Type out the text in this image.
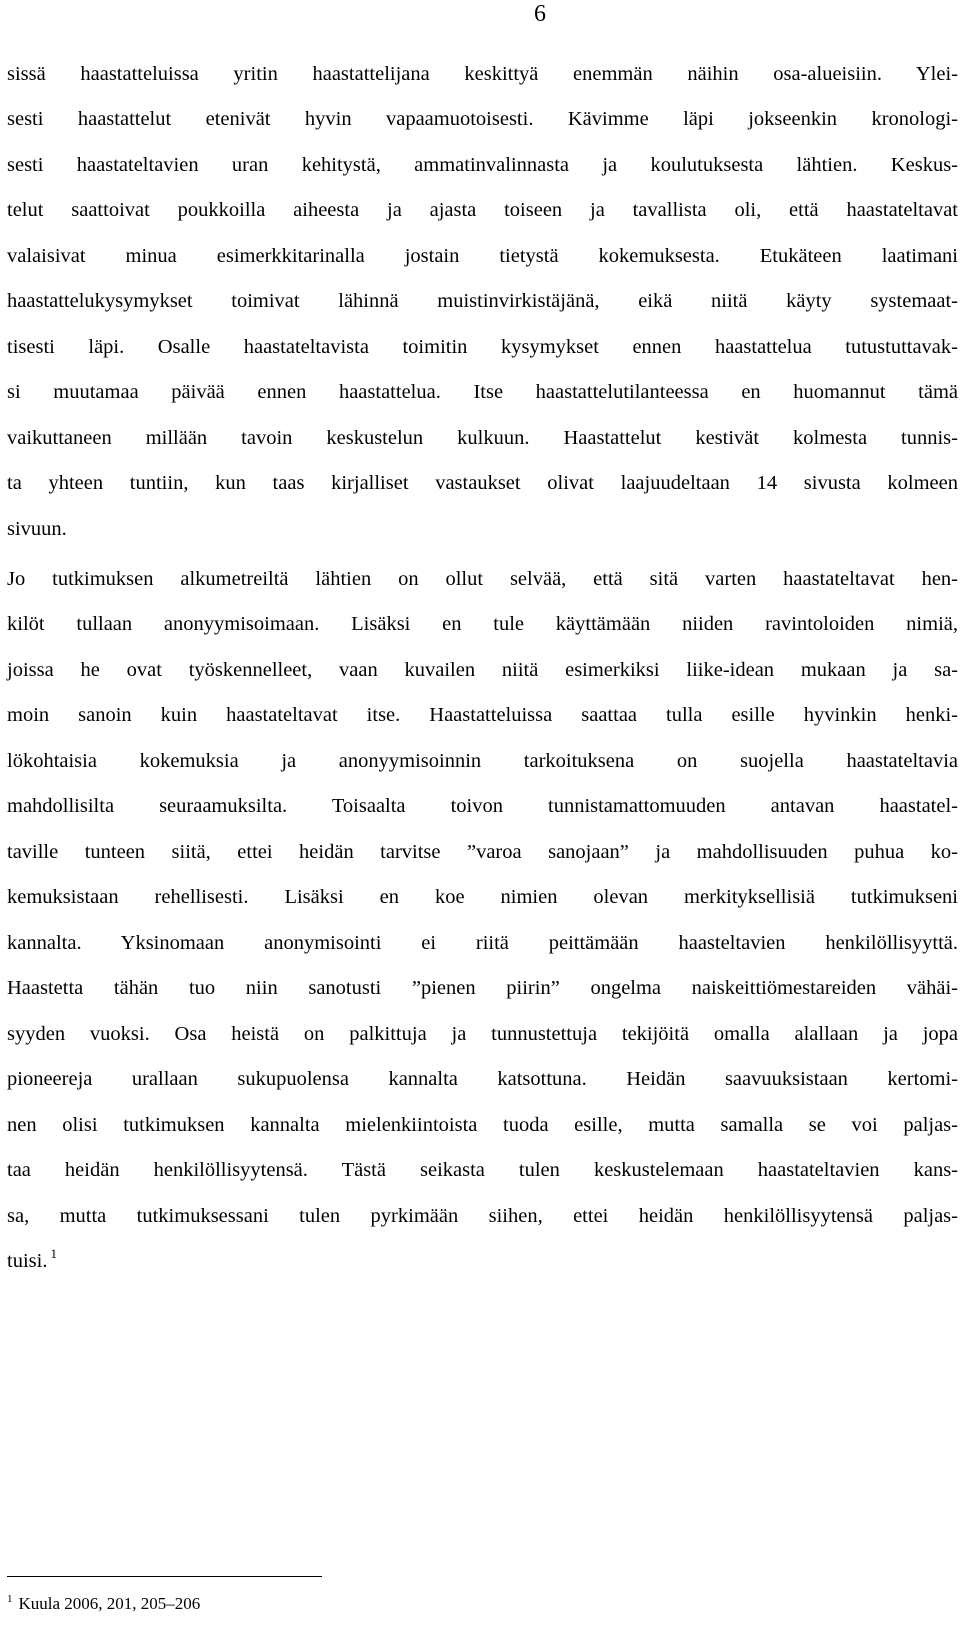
6
sissä haastatteluissa yritin haastattelijana keskittyä enemmän näihin osa-alueisiin. Ylei-
sesti haastattelut etenivät hyvin vapaamuotoisesti. Kävimme läpi jokseenkin kronologi-
sesti haastateltavien uran kehitystä, ammatinvalinnasta ja koulutuksesta lähtien. Keskus-
telut saattoivat poukkoilla aiheesta ja ajasta toiseen ja tavallista oli, että haastateltavat
valaisivat minua esimerkkitarinalla jostain tietystä kokemuksesta. Etukäteen laatimani
haastattelukysymykset toimivat lähinnä muistinvirkistäjänä, eikä niitä käyty systemaat-
tisesti läpi. Osalle haastateltavista toimitin kysymykset ennen haastattelua tutustuttavak-
si muutamaa päivää ennen haastattelua. Itse haastattelutilanteessa en huomannut tämä
vaikuttaneen millään tavoin keskustelun kulkuun. Haastattelut kestivät kolmesta tunnis-
ta yhteen tuntiin, kun taas kirjalliset vastaukset olivat laajuudeltaan 14 sivusta kolmeen
sivuun.
Jo tutkimuksen alkumetreiltä lähtien on ollut selvää, että sitä varten haastateltavat hen-
kilöt tullaan anonyymisoimaan. Lisäksi en tule käyttämään niiden ravintoloiden nimiä,
joissa he ovat työskennelleet, vaan kuvailen niitä esimerkiksi liike-idean mukaan ja sa-
moin sanoin kuin haastateltavat itse. Haastatteluissa saattaa tulla esille hyvinkin henki-
lökohtaisia kokemuksia ja anonyymisoinnin tarkoituksena on suojella haastateltavia
mahdollisilta seuraamuksilta. Toisaalta toivon tunnistamattomuuden antavan haastatel-
taville tunteen siitä, ettei heidän tarvitse ”varoa sanojaan” ja mahdollisuuden puhua ko-
kemuksistaan rehellisesti. Lisäksi en koe nimien olevan merkityksellisiä tutkimukseni
kannalta. Yksinomaan anonymisointi ei riitä peittämään haasteltavien henkilöllisyyttä.
Haastetta tähän tuo niin sanotusti ”pienen piirin” ongelma naiskeittiömestareiden vähäi-
syyden vuoksi. Osa heistä on palkittuja ja tunnustettuja tekijöitä omalla alallaan ja jopa
pioneereja urallaan sukupuolensa kannalta katsottuna. Heidän saavuuksistaan kertomi-
nen olisi tutkimuksen kannalta mielenkiintoista tuoda esille, mutta samalla se voi paljas-
taa heidän henkilöllisyytensä. Tästä seikasta tulen keskustelemaan haastateltavien kans-
sa, mutta tutkimuksessani tulen pyrkimään siihen, ettei heidän henkilöllisyytensä paljas-
tuisi. $^1$
$^1$ Kuula 2006, 201, 205–206
